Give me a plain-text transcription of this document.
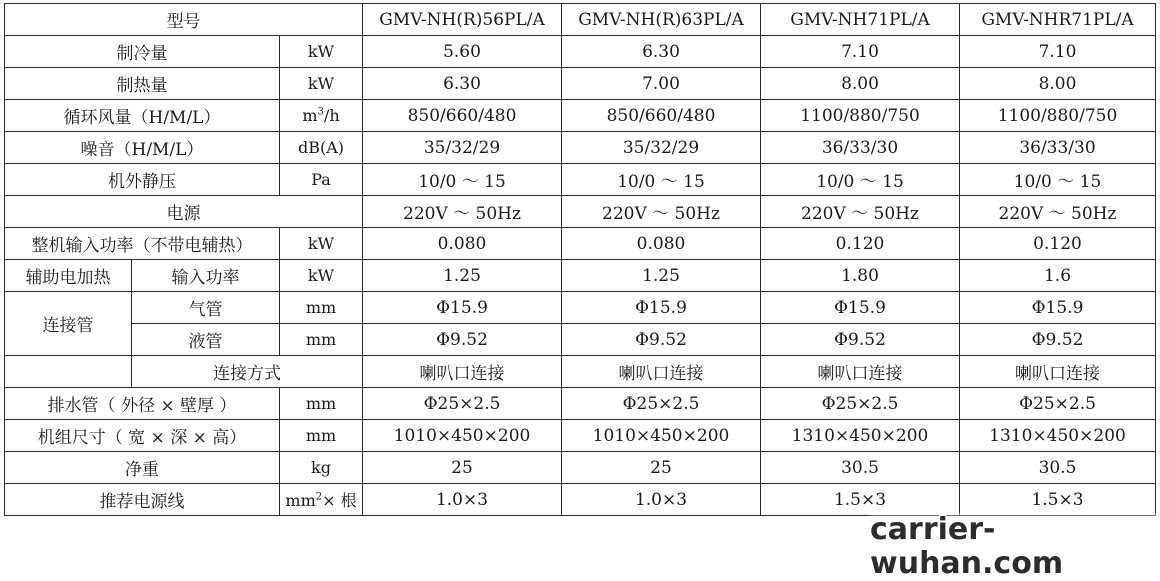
型号			GMV-NH(R)56PL/A	GMV-NH(R)63PL/A	GMV-NH71PL/A	GMV-NHR71PL/A
制冷量		kW	5.60	6.30	7.10	7.10
制热量		kW	6.30	7.00	8.00	8.00
循环风量（H/M/L）		$m^3/h$	850/660/480	850/660/480	1100/880/750	1100/880/750
噪音（H/M/L）		dB(A)	35/32/29	35/32/29	36/33/30	36/33/30
机外静压		Pa	10/0 ～ 15	10/0 ～ 15	10/0 ～ 15	10/0 ～ 15
电源			220V ～ 50Hz	220V ～ 50Hz	220V ～ 50Hz	220V ～ 50Hz
整机输入功率（不带电辅热）		kW	0.080	0.080	0.120	0.120
辅助电加热	输入功率	kW	1.25	1.25	1.80	1.6
连接管	气管	mm	Φ15.9	Φ15.9	Φ15.9	Φ15.9
	液管	mm	Φ9.52	Φ9.52	Φ9.52	Φ9.52
	连接方式		喇叭口连接	喇叭口连接	喇叭口连接	喇叭口连接
排水管（ 外径 × 壁厚 ）		mm	Φ25×2.5	Φ25×2.5	Φ25×2.5	Φ25×2.5
机组尺寸（ 宽 × 深 × 高）		mm	1010×450×200	1010×450×200	1310×450×200	1310×450×200
净重		kg	25	25	30.5	30.5
推荐电源线		$mm^2\times$ 根	1.0×3	1.0×3	1.5×3	1.5×3
carrier-wuhan.com
